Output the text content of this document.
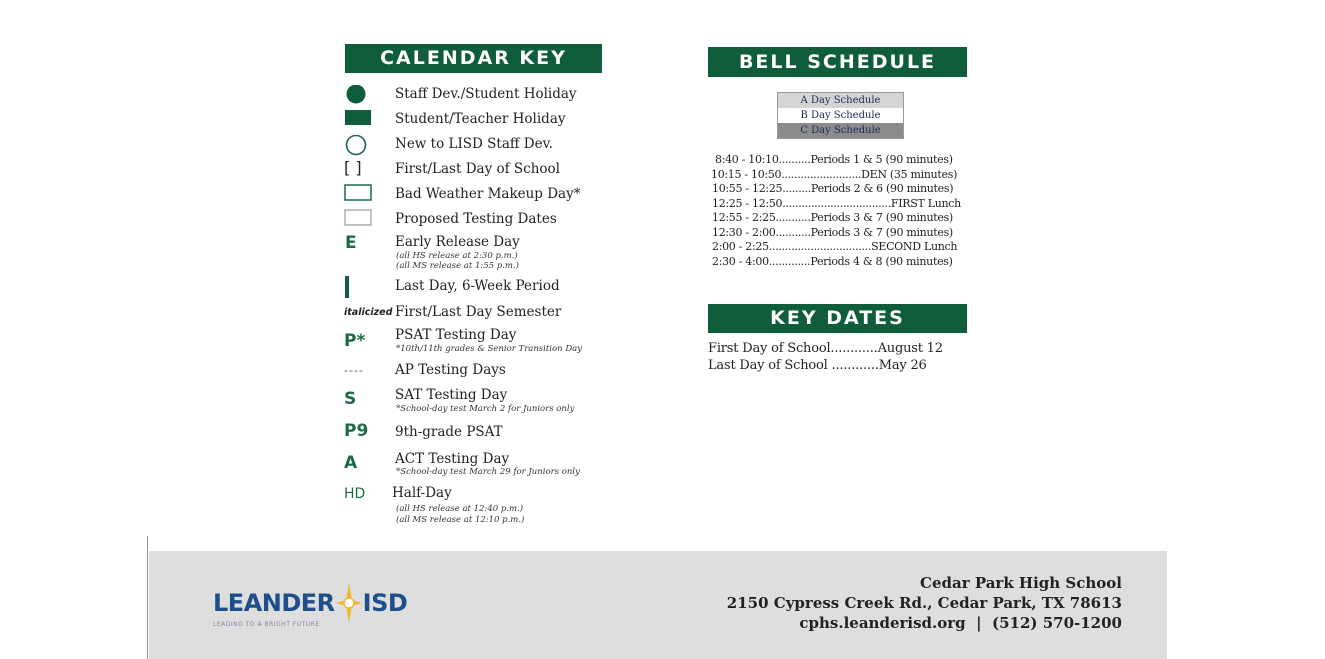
CALENDAR KEY
Staff Dev./Student Holiday
Student/Teacher Holiday
New to LISD Staff Dev.
[ ] First/Last Day of School
Bad Weather Makeup Day*
Proposed Testing Dates
E	Early Release Day
(all HS release at 2:30 p.m.)
(all MS release at 1:55 p.m.)
Last Day, 6-Week Period
italicized First/Last Day Semester
P* PSAT Testing Day
*10th/11th grades & Senior Transition Day
---- AP Testing Days
S	SAT Testing Day
*School-day test March 2 for Juniors only
P9 9th-grade PSAT
A	ACT Testing Day
*School-day test March 29 for Juniors only
HD Half-Day
(all HS release at 12:40 p.m.)
(all MS release at 12:10 p.m.)
BELL SCHEDULE
A Day Schedule
B Day Schedule
C Day Schedule
8:40 - 10:10..........Periods 1 & 5 (90 minutes)
10:15 - 10:50.........................DEN (35 minutes)
10:55 - 12:25.........Periods 2 & 6 (90 minutes)
12:25 - 12:50..................................FIRST Lunch
12:55 - 2:25...........Periods 3 & 7 (90 minutes)
12:30 - 2:00...........Periods 3 & 7 (90 minutes)
2:00 - 2:25................................SECOND Lunch
2:30 - 4:00.............Periods 4 & 8 (90 minutes)
KEY DATES
First Day of School............August 12
Last Day of School ............May 26
LEANDER ISD
LEADING TO A BRIGHT FUTURE
Cedar Park High School
2150 Cypress Creek Rd., Cedar Park, TX 78613
cphs.leanderisd.org  |  (512) 570-1200
